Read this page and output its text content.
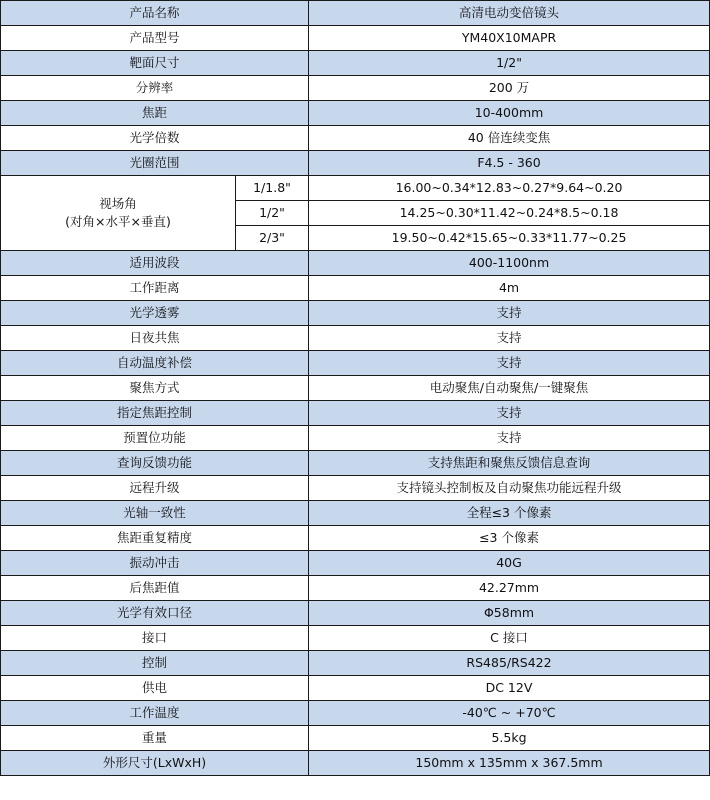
产品名称		高清电动变倍镜头
产品型号		YM40X10MAPR
靶面尺寸		1/2"
分辨率		200 万
焦距		10-400mm
光学倍数		40 倍连续变焦
光圈范围		F4.5 - 360

视场角
(对角×水平×垂直)	1/1.8"	16.00~0.34*12.83~0.27*9.64~0.20
	1/2"	14.25~0.30*11.42~0.24*8.5~0.18
	2/3"	19.50~0.42*15.65~0.33*11.77~0.25
适用波段		400-1100nm
工作距离		4m
光学透雾		支持
日夜共焦		支持
自动温度补偿		支持
聚焦方式		电动聚焦/自动聚焦/一键聚焦
指定焦距控制		支持
预置位功能		支持
查询反馈功能		支持焦距和聚焦反馈信息查询
远程升级		支持镜头控制板及自动聚焦功能远程升级
光轴一致性		全程≤3 个像素
焦距重复精度		≤3 个像素
振动冲击		40G
后焦距值		42.27mm
光学有效口径		Φ58mm
接口		C 接口
控制		RS485/RS422
供电		DC 12V
工作温度		-40℃ ~ +70℃
重量		5.5kg
外形尺寸(LxWxH)		150mm x 135mm x 367.5mm
